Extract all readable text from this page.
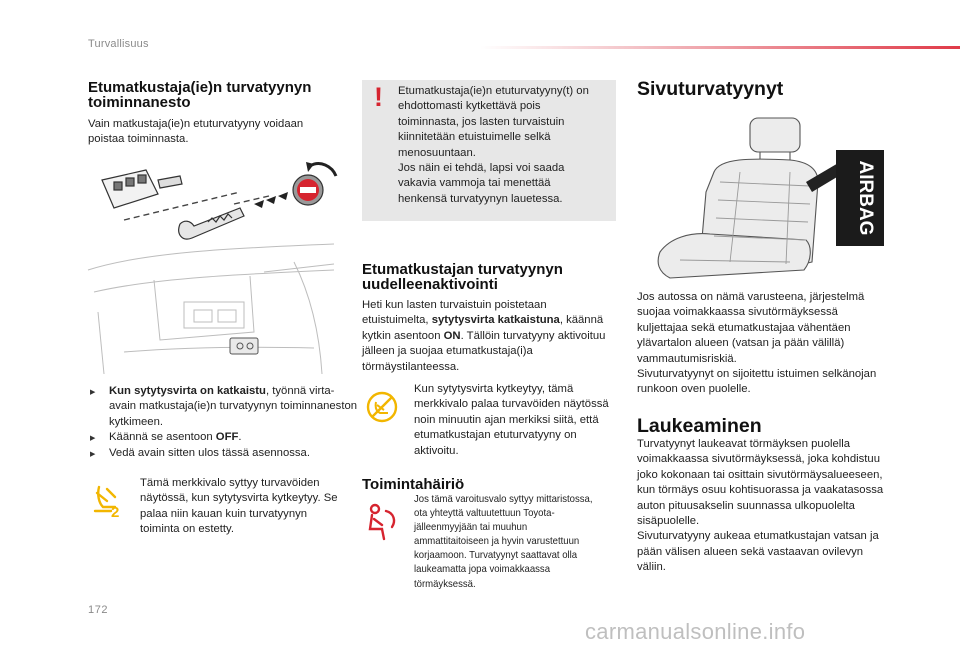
Turvallisuus
Etumatkustaja(ie)n turvatyynyn toiminnanesto

Vain matkustaja(ie)n etuturvatyyny voidaan poistaa toiminnasta.

▶ Kun sytytysvirta on katkaistu, työnnä virta-avain matkustaja(ie)n turvatyynyn toiminnaneston kytkimeen.
▶ Käännä se asentoon OFF.
▶ Vedä avain sitten ulos tässä asennossa.
2

Tämä merkkivalo syttyy turvavöiden näytössä, kun sytytysvirta kytkeytyy. Se palaa niin kauan kuin turvatyynyn toiminta on estetty.

! Etumatkustaja(ie)n etuturvatyyny(t) on ehdottomasti kytkettävä pois toiminnasta, jos lasten turvaistuin kiinnitetään etuistuimelle selkä menosuuntaan.
Jos näin ei tehdä, lapsi voi saada vakavia vammoja tai menettää henkensä turvatyynyn lauetessa.

Etumatkustajan turvatyynyn uudelleenaktivointi

Heti kun lasten turvaistuin poistetaan etuistuimelta, sytytysvirta katkaistuna, käännä kytkin asentoon ON. Tällöin turvatyyny aktivoituu jälleen ja suojaa etumatkustaja(i)a törmäystilanteessa.

Kun sytytysvirta kytkeytyy, tämä merkkivalo palaa turvavöiden näytössä noin minuutin ajan merkiksi siitä, että etumatkustajan etuturvatyyny on aktivoitu.

Toimintahäiriö

Jos tämä varoitusvalo syttyy mittaristossa, ota yhteyttä valtuutettuun Toyota-jälleenmyyjään tai muuhun ammattitaitoiseen ja hyvin varustettuun korjaamoon. Turvatyynyt saattavat olla laukeamatta jopa voimakkaassa törmäyksessä.

Sivuturvatyynyt
AIRBAG

Jos autossa on nämä varusteena, järjestelmä suojaa voimakkaassa sivutörmäyksessä kuljettajaa sekä etumatkustajaa vähentäen ylävartalon alueen (vatsan ja pään välillä) vammautumisriskiä.
Sivuturvatyynyt on sijoitettu istuimen selkänojan runkoon oven puolelle.

Laukeaminen

Turvatyynyt laukeavat törmäyksen puolella voimakkaassa sivutörmäyksessä, joka kohdistuu joko kokonaan tai osittain sivutörmäysalueeseen, kun törmäys osuu kohtisuorassa ja vaakatasossa auton pituusakselin suunnassa ulkopuolelta sisäpuolelle.
Sivuturvatyyny aukeaa etumatkustajan vatsan ja pään välisen alueen sekä vastaavan ovilevyn väliin.

172
carmanualsonline.info
